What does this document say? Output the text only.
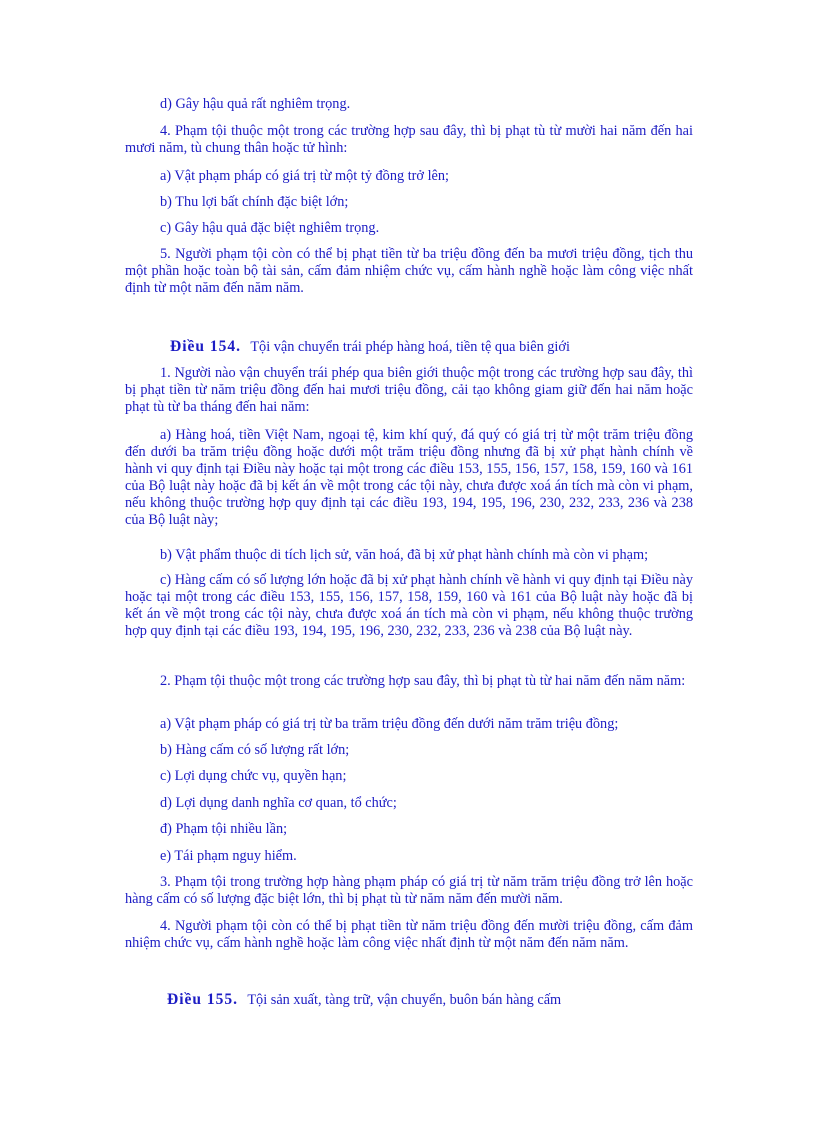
d) Gây hậu quả rất nghiêm trọng.

4. Phạm tội thuộc một trong các trường hợp sau đây, thì bị phạt tù từ mười hai năm đến hai mươi năm, tù chung thân hoặc tử hình:

a) Vật phạm pháp có giá trị từ một tỷ đồng trở lên;

b) Thu lợi bất chính đặc biệt lớn;

c) Gây hậu quả đặc biệt nghiêm trọng.

5. Người phạm tội còn có thể bị phạt tiền từ ba triệu đồng đến ba mươi triệu đồng, tịch thu một phần hoặc toàn bộ tài sản, cấm đảm nhiệm chức vụ, cấm hành nghề hoặc làm công việc nhất định từ một năm đến năm năm.

Điều 154. Tội vận chuyển trái phép hàng hoá, tiền tệ qua biên giới

1. Người nào vận chuyển trái phép qua biên giới thuộc một trong các trường hợp sau đây, thì bị phạt tiền từ năm triệu đồng đến hai mươi triệu đồng, cải tạo không giam giữ đến hai năm hoặc phạt tù từ ba tháng đến hai năm:

a) Hàng hoá, tiền Việt Nam, ngoại tệ, kim khí quý, đá quý có giá trị từ một trăm triệu đồng đến dưới ba trăm triệu đồng hoặc dưới một trăm triệu đồng nhưng đã bị xử phạt hành chính về hành vi quy định tại Điều này hoặc tại một trong các điều 153, 155, 156, 157, 158, 159, 160 và 161 của Bộ luật này hoặc đã bị kết án về một trong các tội này, chưa được xoá án tích mà còn vi phạm, nếu không thuộc trường hợp quy định tại các điều 193, 194, 195, 196, 230, 232, 233, 236 và 238 của Bộ luật này;

b) Vật phẩm thuộc di tích lịch sử, văn hoá, đã bị xử phạt hành chính mà còn vi phạm;

c) Hàng cấm có số lượng lớn hoặc đã bị xử phạt hành chính về hành vi quy định tại Điều này hoặc tại một trong các điều 153, 155, 156, 157, 158, 159, 160 và 161 của Bộ luật này hoặc đã bị kết án về một trong các tội này, chưa được xoá án tích mà còn vi phạm, nếu không thuộc trường hợp quy định tại các điều 193, 194, 195, 196, 230, 232, 233, 236 và 238 của Bộ luật này.

2. Phạm tội thuộc một trong các trường hợp sau đây, thì bị phạt tù từ hai năm đến năm năm:

a) Vật phạm pháp có giá trị từ ba trăm triệu đồng đến dưới năm trăm triệu đồng;

b) Hàng cấm có số lượng rất lớn;

c) Lợi dụng chức vụ, quyền hạn;

d) Lợi dụng danh nghĩa cơ quan, tổ chức;

đ) Phạm tội nhiều lần;

e) Tái phạm nguy hiểm.

3. Phạm tội trong trường hợp hàng phạm pháp có giá trị từ năm trăm triệu đồng trở lên hoặc hàng cấm có số lượng đặc biệt lớn, thì bị phạt tù từ năm năm đến mười năm.

4. Người phạm tội còn có thể bị phạt tiền từ năm triệu đồng đến mười triệu đồng, cấm đảm nhiệm chức vụ, cấm hành nghề hoặc làm công việc nhất định từ một năm đến năm năm.

Điều 155. Tội sản xuất, tàng trữ, vận chuyển, buôn bán hàng cấm
